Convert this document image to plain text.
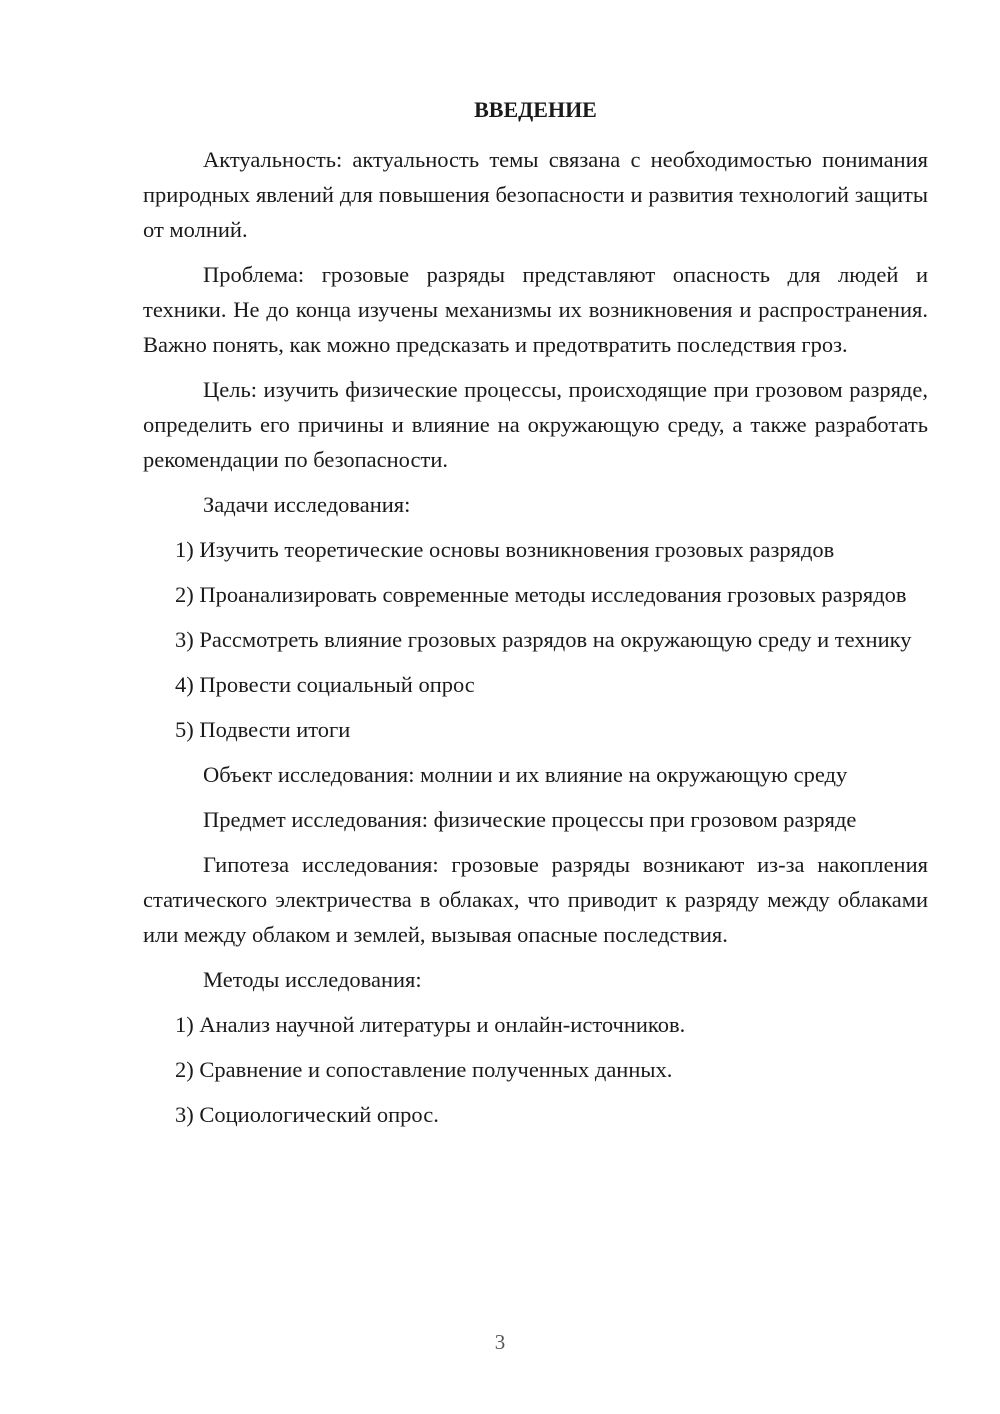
ВВЕДЕНИЕ

Актуальность: актуальность темы связана с необходимостью понимания природных явлений для повышения безопасности и развития технологий защиты от молний.

Проблема: грозовые разряды представляют опасность для людей и техники. Не до конца изучены механизмы их возникновения и распространения. Важно понять, как можно предсказать и предотвратить последствия гроз.

Цель: изучить физические процессы, происходящие при грозовом разряде, определить его причины и влияние на окружающую среду, а также разработать рекомендации по безопасности.

Задачи исследования:

1) Изучить теоретические основы возникновения грозовых разрядов

2) Проанализировать современные методы исследования грозовых разрядов

3) Рассмотреть влияние грозовых разрядов на окружающую среду и технику

4) Провести социальный опрос

5) Подвести итоги

Объект исследования: молнии и их влияние на окружающую среду

Предмет исследования: физические процессы при грозовом разряде

Гипотеза исследования: грозовые разряды возникают из-за накопления статического электричества в облаках, что приводит к разряду между облаками или между облаком и землей, вызывая опасные последствия.

Методы исследования:

1) Анализ научной литературы и онлайн-источников.

2) Сравнение и сопоставление полученных данных.

3) Социологический опрос.

3
